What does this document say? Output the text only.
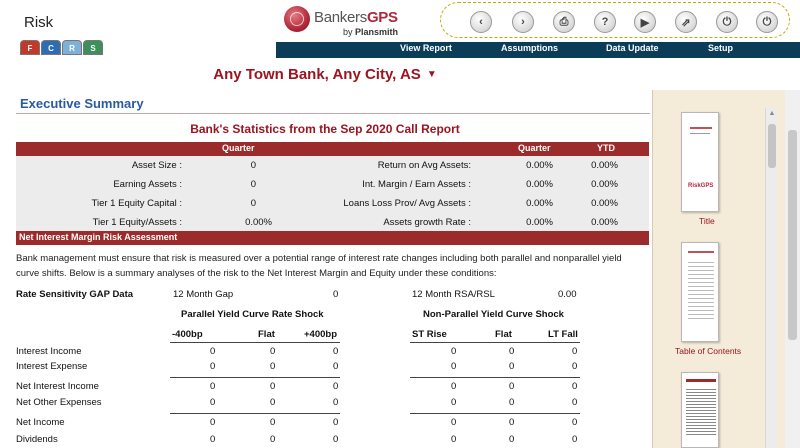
Risk
F	C	R	S
BankersGPS
by Plansmith
‹	›	⎙	?	▶	⇗	⏻	⏻
View Report	Assumptions	Data Update	Setup
Any Town Bank, Any City, AS ▼
Executive Summary
Bank's Statistics from the Sep 2020 Call Report
Quarter	Quarter	YTD
Asset Size :	0	Return on Avg Assets:	0.00%	0.00%
Earning Assets :	0	Int. Margin / Earn Assets :	0.00%	0.00%
Tier 1 Equity Capital :	0	Loans Loss Prov/ Avg Assets :	0.00%	0.00%
Tier 1 Equity/Assets :	0.00%	Assets growth Rate :	0.00%	0.00%
Net Interest Margin Risk Assessment
Bank management must ensure that risk is measured over a potential range of interest rate changes including both parallel and nonparallel yield curve shifts. Below is a summary analyses of the risk to the Net Interest Margin and Equity under these conditions:
Rate Sensitivity GAP Data	12 Month Gap	0	12 Month RSA/RSL	0.00
Parallel Yield Curve Rate Shock	Non-Parallel Yield Curve Shock
-400bp	Flat	+400bp	ST Rise	Flat	LT Fall
Interest Income	0	0	0	0	0	0
Interest Expense	0	0	0	0	0	0
Net Interest Income	0	0	0	0	0	0
Net Other Expenses	0	0	0	0	0	0
Net Income	0	0	0	0	0	0
Dividends	0	0	0	0	0	0
RiskGPS
Title
Table of Contents
▲
